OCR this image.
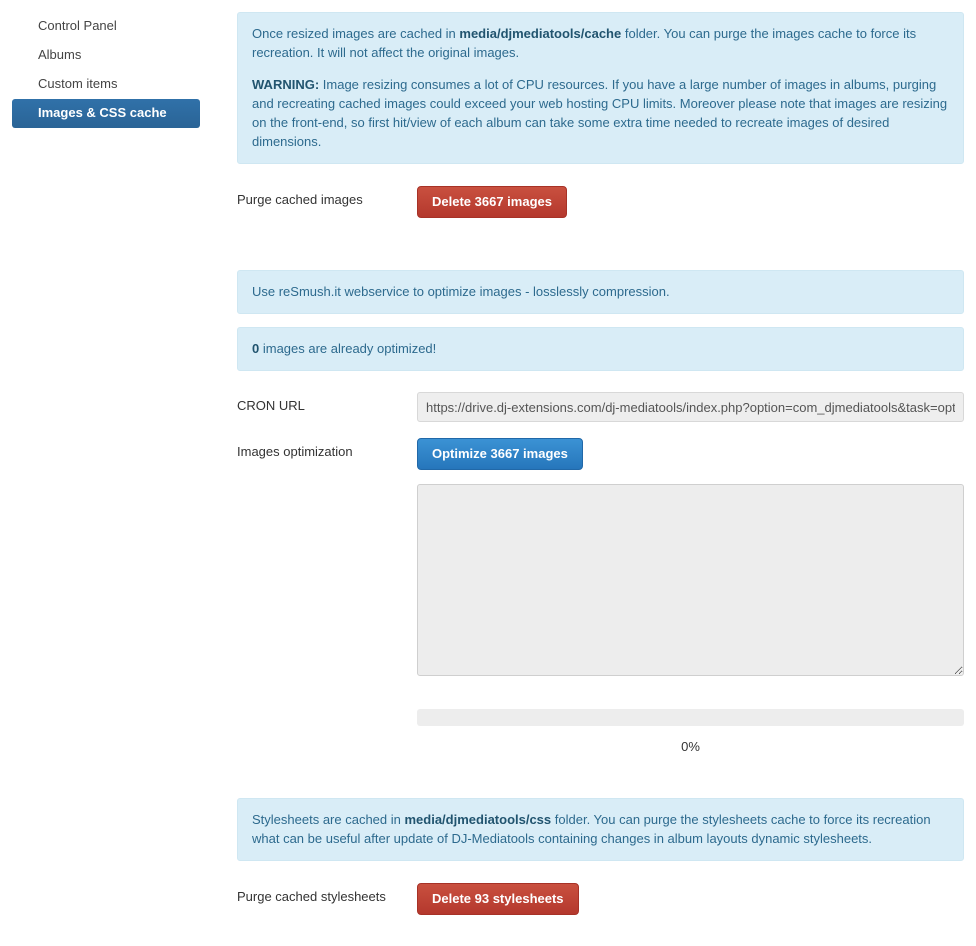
Control Panel
Albums
Custom items
Images & CSS cache

Once resized images are cached in media/djmediatools/cache folder. You can purge the images cache to force its recreation. It will not affect the original images.

WARNING: Image resizing consumes a lot of CPU resources. If you have a large number of images in albums, purging and recreating cached images could exceed your web hosting CPU limits. Moreover please note that images are resizing on the front-end, so first hit/view of each album can take some extra time needed to recreate images of desired dimensions.

Purge cached images	Delete 3667 images

Use reSmush.it webservice to optimize images - losslessly compression.

0 images are already optimized!

CRON URL
https://drive.dj-extensions.com/dj-mediatools/index.php?option=com_djmediatools&task=opt
Images optimization	Optimize 3667 images
0%

Stylesheets are cached in media/djmediatools/css folder. You can purge the stylesheets cache to force its recreation what can be useful after update of DJ-Mediatools containing changes in album layouts dynamic stylesheets.

Purge cached stylesheets	Delete 93 stylesheets
